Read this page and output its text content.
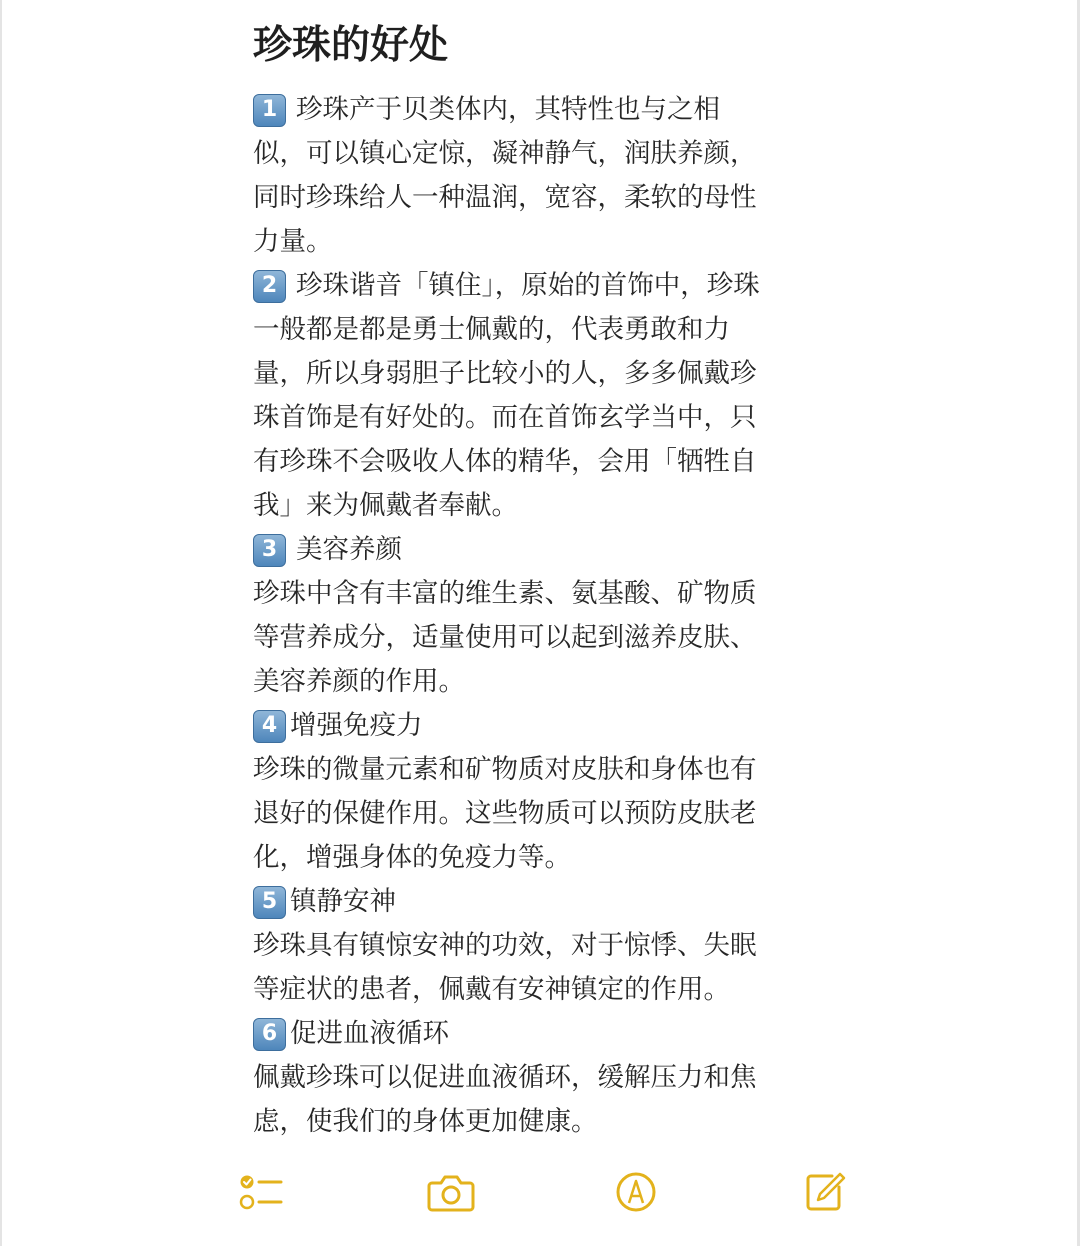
珍珠的好处
1 珍珠产于贝类体内，其特性也与之相
似，可以镇心定惊，凝神静气，润肤养颜，
同时珍珠给人一种温润，宽容，柔软的母性
力量。
2 珍珠谐音「镇住」，原始的首饰中，珍珠
一般都是都是勇士佩戴的，代表勇敢和力
量，所以身弱胆子比较小的人，多多佩戴珍
珠首饰是有好处的。而在首饰玄学当中，只
有珍珠不会吸收人体的精华，会用「牺牲自
我」来为佩戴者奉献。
3 美容养颜
珍珠中含有丰富的维生素、氨基酸、矿物质
等营养成分，适量使用可以起到滋养皮肤、
美容养颜的作用。
4 增强免疫力
珍珠的微量元素和矿物质对皮肤和身体也有
退好的保健作用。这些物质可以预防皮肤老
化，增强身体的免疫力等。
5 镇静安神
珍珠具有镇惊安神的功效，对于惊悸、失眠
等症状的患者，佩戴有安神镇定的作用。
6 促进血液循环
佩戴珍珠可以促进血液循环，缓解压力和焦
虑，使我们的身体更加健康。
